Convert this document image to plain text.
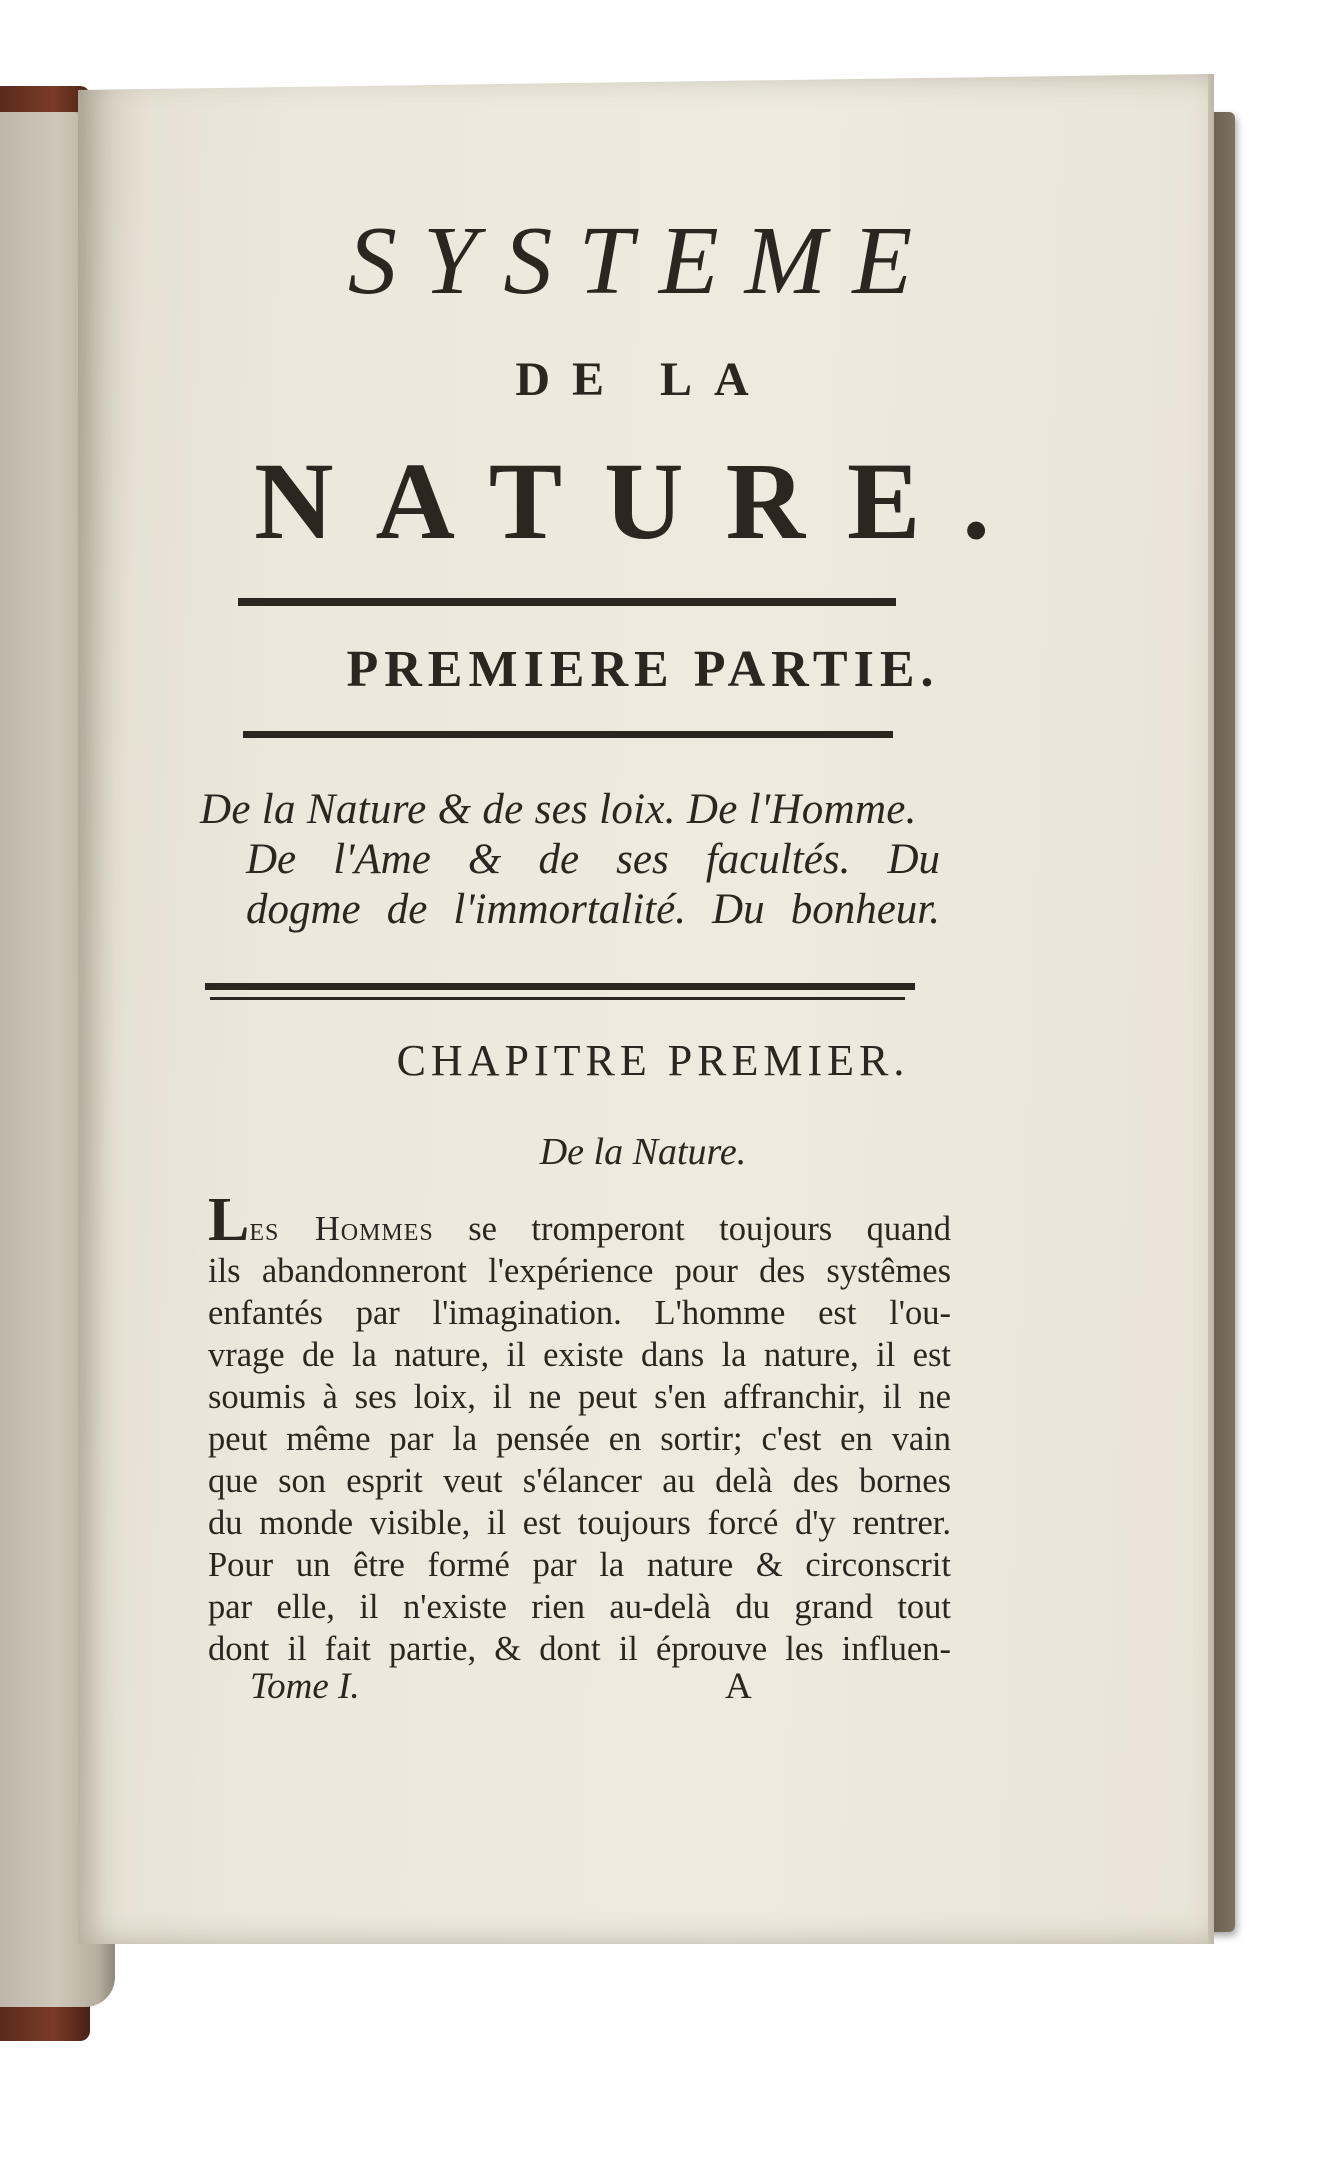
SYSTEME
DE LA
NATURE.
PREMIERE PARTIE.
De la Nature & de ses loix. De l'Homme.
De l'Ame & de ses facultés. Du
dogme de l'immortalité. Du bonheur.
CHAPITRE PREMIER.
De la Nature.
Les Hommes se tromperont toujours quand
ils abandonneront l'expérience pour des systêmes
enfantés par l'imagination. L'homme est l'ou-
vrage de la nature, il existe dans la nature, il est
soumis à ses loix, il ne peut s'en affranchir, il ne
peut même par la pensée en sortir; c'est en vain
que son esprit veut s'élancer au delà des bornes
du monde visible, il est toujours forcé d'y rentrer.
Pour un être formé par la nature & circonscrit
par elle, il n'existe rien au-delà du grand tout
dont il fait partie, & dont il éprouve les influen-
Tome I.	A
